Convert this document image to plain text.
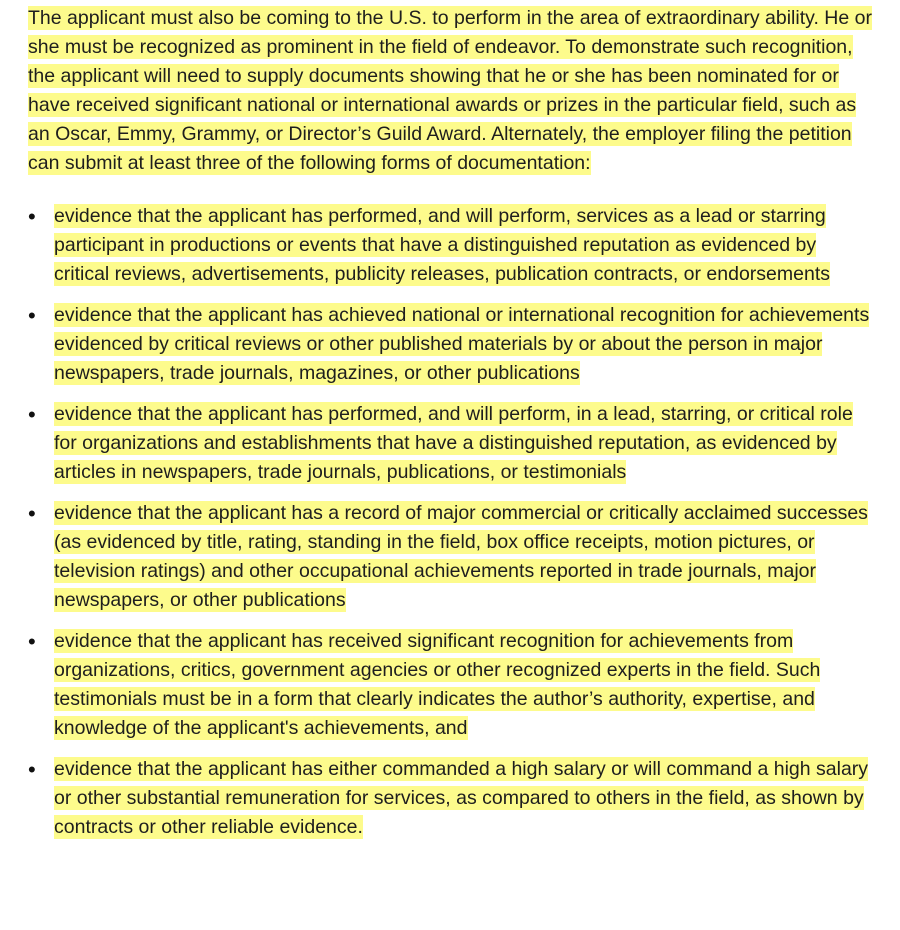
The applicant must also be coming to the U.S. to perform in the area of extraordinary ability. He or she must be recognized as prominent in the field of endeavor. To demonstrate such recognition, the applicant will need to supply documents showing that he or she has been nominated for or have received significant national or international awards or prizes in the particular field, such as an Oscar, Emmy, Grammy, or Director’s Guild Award. Alternately, the employer filing the petition can submit at least three of the following forms of documentation:

• evidence that the applicant has performed, and will perform, services as a lead or starring participant in productions or events that have a distinguished reputation as evidenced by critical reviews, advertisements, publicity releases, publication contracts, or endorsements
• evidence that the applicant has achieved national or international recognition for achievements evidenced by critical reviews or other published materials by or about the person in major newspapers, trade journals, magazines, or other publications
• evidence that the applicant has performed, and will perform, in a lead, starring, or critical role for organizations and establishments that have a distinguished reputation, as evidenced by articles in newspapers, trade journals, publications, or testimonials
• evidence that the applicant has a record of major commercial or critically acclaimed successes (as evidenced by title, rating, standing in the field, box office receipts, motion pictures, or television ratings) and other occupational achievements reported in trade journals, major newspapers, or other publications
• evidence that the applicant has received significant recognition for achievements from organizations, critics, government agencies or other recognized experts in the field. Such testimonials must be in a form that clearly indicates the author’s authority, expertise, and knowledge of the applicant's achievements, and
• evidence that the applicant has either commanded a high salary or will command a high salary or other substantial remuneration for services, as compared to others in the field, as shown by contracts or other reliable evidence.
